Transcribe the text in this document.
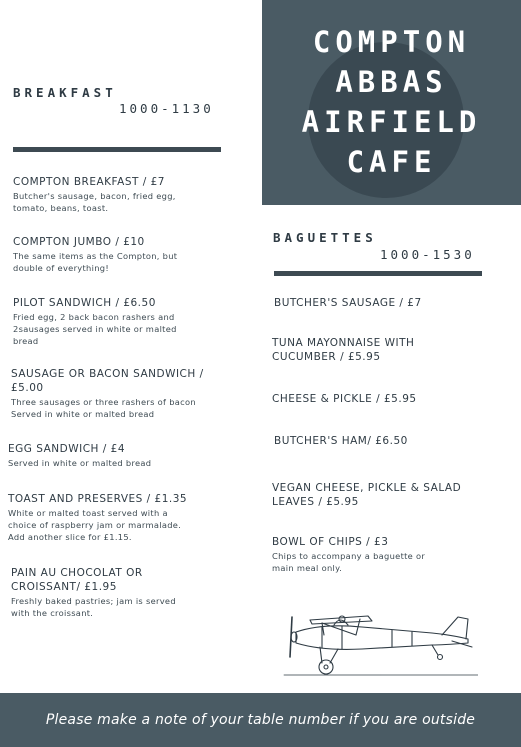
COMPTON
ABBAS
AIRFIELD
CAFE
BREAKFAST
1000-1130
COMPTON BREAKFAST / £7
Butcher's sausage, bacon, fried egg,
tomato, beans, toast.
COMPTON JUMBO / £10
The same items as the Compton, but
double of everything!
PILOT SANDWICH / £6.50
Fried egg, 2 back bacon rashers and
2sausages served in white or malted
bread
SAUSAGE OR BACON SANDWICH /
£5.00
Three sausages or three rashers of bacon
Served in white or malted bread
EGG SANDWICH / £4
Served in white or malted bread
TOAST AND PRESERVES / £1.35
White or malted toast served with a
choice of raspberry jam or marmalade.
Add another slice for £1.15.
PAIN AU CHOCOLAT OR
CROISSANT/ £1.95
Freshly baked pastries; jam is served
with the croissant.
BAGUETTES
1000-1530
BUTCHER'S SAUSAGE / £7
TUNA MAYONNAISE WITH
CUCUMBER / £5.95
CHEESE & PICKLE / £5.95
BUTCHER'S HAM/ £6.50
VEGAN CHEESE, PICKLE & SALAD
LEAVES / £5.95
BOWL OF CHIPS / £3
Chips to accompany a baguette or
main meal only.
Please make a note of your table number if you are outside
